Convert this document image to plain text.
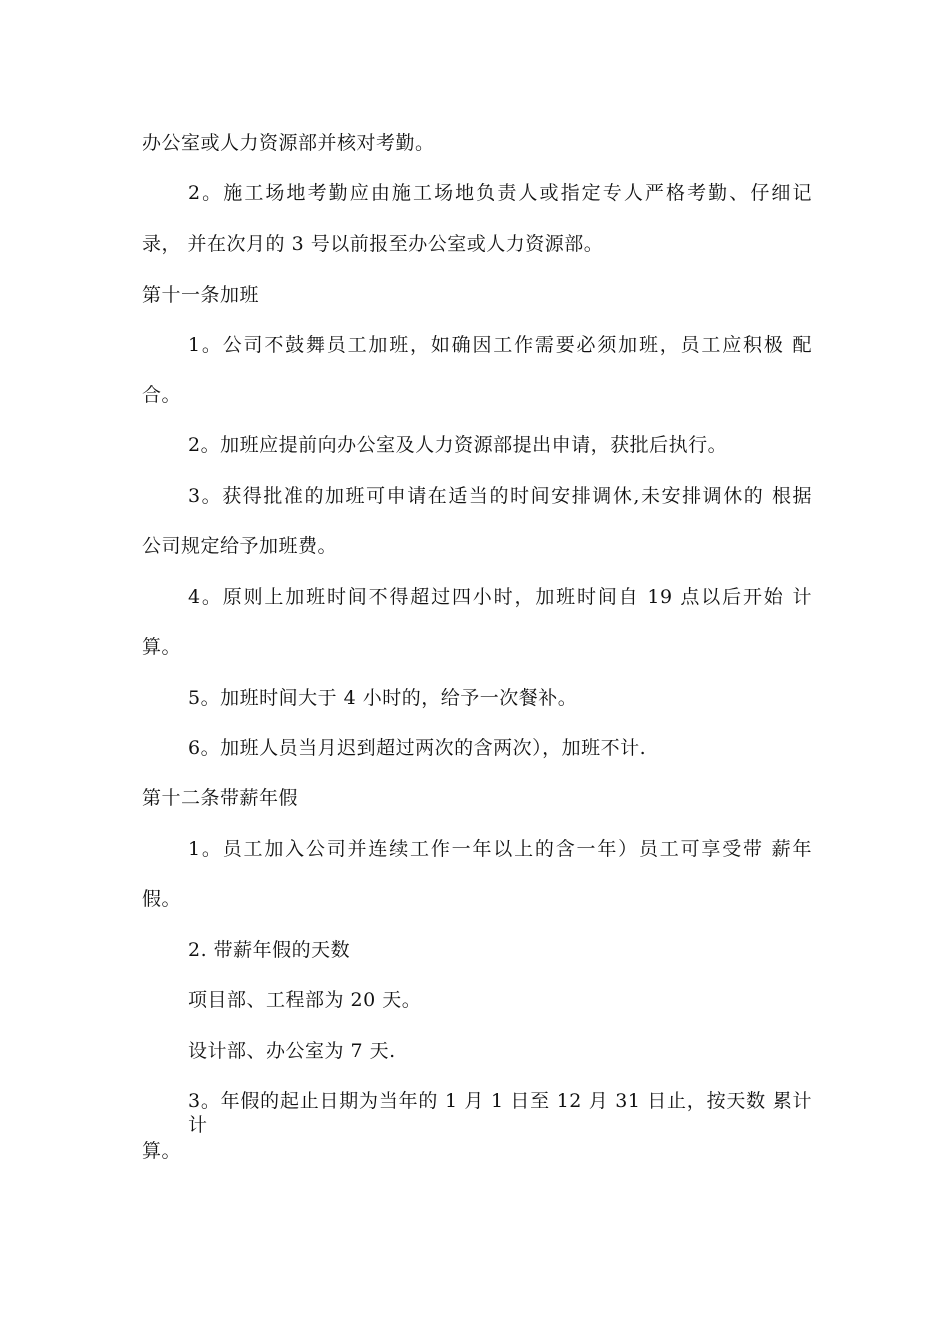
办公室或人力资源部并核对考勤。
2。施工场地考勤应由施工场地负责人或指定专人严格考勤、仔细记
录， 并在次月的 3 号以前报至办公室或人力资源部。
第十一条加班
1。公司不鼓舞员工加班，如确因工作需要必须加班，员工应积极 配
合。
2。加班应提前向办公室及人力资源部提出申请，获批后执行。
3。获得批准的加班可申请在适当的时间安排调休,未安排调休的 根据
公司规定给予加班费。
4。原则上加班时间不得超过四小时，加班时间自 19 点以后开始 计
算。
5。加班时间大于 4 小时的，给予一次餐补。
6。加班人员当月迟到超过两次的含两次），加班不计.
第十二条带薪年假
1。员工加入公司并连续工作一年以上的含一年）员工可享受带 薪年
假。
2. 带薪年假的天数
项目部、工程部为 20 天。
设计部、办公室为 7 天.
3。年假的起止日期为当年的 1 月 1 日至 12 月 31 日止，按天数 累计计
算。
